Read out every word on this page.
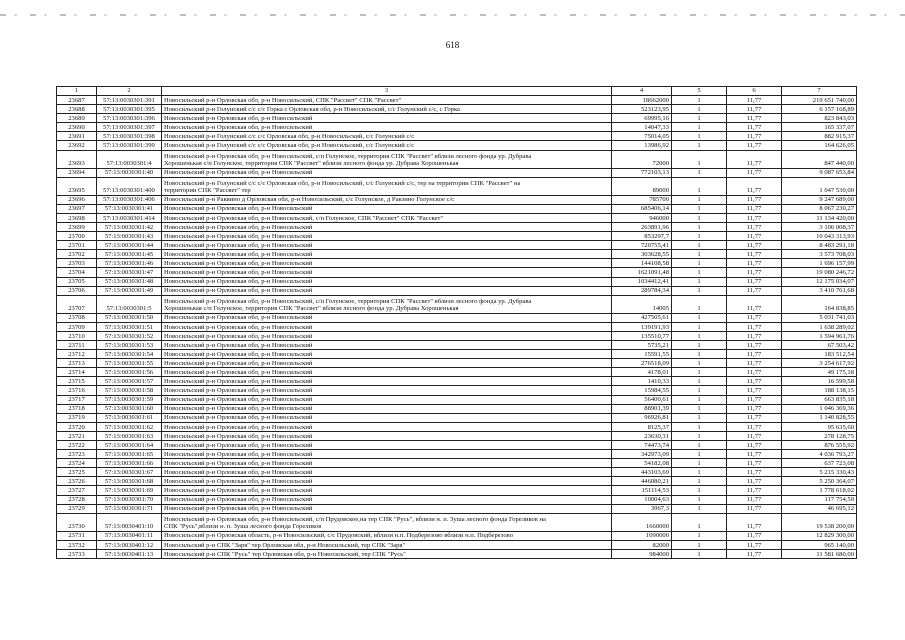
618
1	2	3	4	5	6	7
23687	57:13:0030301:391	Новосильский р-н Орловская обл, р-н Новосильский, СПК "Рассвет" СПК "Рассвет"	18662000	1	11,77	219 651 740,00
23688	57:13:0030301:395	Новосильский р-н Голунский с/с с/с Горка с Орловская обл, р-н Новосильский, с/с Голунский с/с, с Горка	523123,95	1	11,77	6 157 168,89
23689	57:13:0030301:396	Новосильский р-н Орловская обл, р-н Новосильский	69995,16	1	11,77	823 843,03
23690	57:13:0030301:397	Новосильский р-н Орловская обл, р-н Новосильский	14047,33	1	11,77	165 337,07
23691	57:13:0030301:398	Новосильский р-н Голунский с/с с/с Орловская обл, р-н Новосильский, с/с Голунский с/с	75014,05	1	11,77	882 915,37
23692	57:13:0030301:399	Новосильский р-н Голунский с/с с/с Орловская обл, р-н Новосильский, с/с Голунский с/с	13986,92	1	11,77	164 626,05
23693	57:13:0030301:4	Новосильский р-н Орловская обл, р-н Новосильский, с/п Голунское, территория СПК "Рассвет" вблизи лесного фонда ур. Дубрава
Хорошенькая с/п Голунское, территория СПК "Рассвет" вблизи лесного фонда ур. Дубрава Хорошенькая	72000	1	11,77	847 440,00
23694	57:13:0030301:40	Новосильский р-н Орловская обл, р-н Новосильский	772103,13	1	11,77	9 087 653,84
23695	57:13:0030301:400	Новосильский р-н Голунский с/с с/с Орловская обл, р-н Новосильский, с/с Голунский с/с, тер на территории СПК "Рассвет" на
территории СПК "Рассвет" тер	89000	1	11,77	1 047 530,00
23696	57:13:0030301:406	Новосильский р-н Раквино д Орловская обл, р-н Новосильский, с/с Голунское, д Ракзино Голунское с/с	785700	1	11,77	9 247 689,00
23697	57:13:0030301:41	Новосильский р-н Орловская обл, р-н Новосильский	685406,14	1	11,77	8 067 230,27
23698	57:13:0030301:414	Новосильский р-н Орловская обл, р-н Новосильский, с/п Голунское, СПК "Рассвет" СПК "Рассвет"	946000	1	11,77	11 134 420,00
23699	57:13:0030301:42	Новосильский р-н Орловская обл, р-н Новосильский	263891,96	1	11,77	3 106 008,37
23700	57:13:0030301:43	Новосильский р-н Орловская обл, р-н Новосильский	853297,7	1	11,77	10 043 313,93
23701	57:13:0030301:44	Новосильский р-н Орловская обл, р-н Новосильский	720755,41	1	11,77	8 483 291,18
23702	57:13:0030301:45	Новосильский р-н Орловская обл, р-н Новосильский	303628,55	1	11,77	3 573 708,03
23703	57:13:0030301:46	Новосильский р-н Орловская обл, р-н Новосильский	144108,58	1	11,77	1 696 157,99
23704	57:13:0030301:47	Новосильский р-н Орловская обл, р-н Новосильский	1621091,48	1	11,77	19 080 246,72
23705	57:13:0030301:48	Новосильский р-н Орловская обл, р-н Новосильский	1034412,41	1	11,77	12 175 034,07
23706	57:13:0030301:49	Новосильский р-н Орловская обл, р-н Новосильский	289784,34	1	11,77	3 410 761,68
23707	57:13:0030301:5	Новосильский р-н Орловская обл, р-н Новосильский, с/п Голунское, территория СПК "Рассвет" вблизи лесного фонда ур. Дубрава
Хорошенькая с/п Голунское, территория СПК "Рассвет" вблизи лесного фонда ур. Дубрава Хорошенькая	14005	1	11,77	164 838,85
23708	57:13:0030301:50	Новосильский р-н Орловская обл, р-н Новосильский	427505,61	1	11,77	5 031 741,03
23709	57:13:0030301:51	Новосильский р-н Орловская обл, р-н Новосильский	139191,93	1	11,77	1 638 289,02
23710	57:13:0030301:52	Новосильский р-н Орловская обл, р-н Новосильский	135510,77	1	11,77	1 594 961,76
23711	57:13:0030301:53	Новосильский р-н Орловская обл, р-н Новосильский	5735,21	1	11,77	67 503,42
23712	57:13:0030301:54	Новосильский р-н Орловская обл, р-н Новосильский	15591,55	1	11,77	183 512,54
23713	57:13:0030301:55	Новосильский р-н Орловская обл, р-н Новосильский	276518,09	1	11,77	3 254 617,92
23714	57:13:0030301:56	Новосильский р-н Орловская обл, р-н Новосильский	4178,01	1	11,77	49 175,18
23715	57:13:0030301:57	Новосильский р-н Орловская обл, р-н Новосильский	1410,33	1	11,77	16 599,58
23716	57:13:0030301:58	Новосильский р-н Орловская обл, р-н Новосильский	15984,55	1	11,77	188 138,15
23717	57:13:0030301:59	Новосильский р-н Орловская обл, р-н Новосильский	56400,61	1	11,77	663 835,18
23718	57:13:0030301:60	Новосильский р-н Орловская обл, р-н Новосильский	88901,39	1	11,77	1 046 369,36
23719	57:13:0030301:61	Новосильский р-н Орловская обл, р-н Новосильский	96926,81	1	11,77	1 140 828,55
23720	57:13:0030301:62	Новосильский р-н Орловская обл, р-н Новосильский	8125,37	1	11,77	95 635,60
23721	57:13:0030301:63	Новосильский р-н Орловская обл, р-н Новосильский	23630,31	1	11,77	278 128,75
23722	57:13:0030301:64	Новосильский р-н Орловская обл, р-н Новосильский	74473,74	1	11,77	876 555,92
23723	57:13:0030301:65	Новосильский р-н Орловская обл, р-н Новосильский	342973,09	1	11,77	4 036 793,27
23724	57:13:0030301:66	Новосильский р-н Орловская обл, р-н Новосильский	54182,08	1	11,77	637 723,08
23725	57:13:0030301:67	Новосильский р-н Орловская обл, р-н Новосильский	443103,69	1	11,77	5 215 330,43
23726	57:13:0030301:68	Новосильский р-н Орловская обл, р-н Новосильский	446080,21	1	11,77	5 250 364,07
23727	57:13:0030301:69	Новосильский р-н Орловская обл, р-н Новосильский	151114,53	1	11,77	1 778 618,02
23728	57:13:0030301:70	Новосильский р-н Орловская обл, р-н Новосильский	10004,63	1	11,77	117 754,50
23729	57:13:0030301:71	Новосильский р-н Орловская обл, р-н Новосильский	3967,3	1	11,77	46 695,12
23730	57:13:0030401:10	Новосильский р-н Орловская обл, р-н Новосильский, с/п Прудовское,на тер СПК "Русь", вблизи н. п. Зуша лесного фонда Гореликов на
СПК "Русь",вблизи н. п. Зуша лесного фонда Гореликов	1660000	1	11,77	19 538 200,00
23731	57:13:0030401:11	Новосильский р-н Орловская область, р-н Новосильский, с/с Прудовский, вблизи н.п. Подберезово вблизи н.п. Подберезово	1090000	1	11,77	12 829 300,00
23732	57:13:0030401:12	Новосильский р-н СПК "Заря" тер Орловская обл, р-н Новосильский, тер СПК "Заря"	82000	1	11,77	965 140,00
23733	57:13:0030401:13	Новосильский р-н СПК "Русь" тер Орловская обл, р-н Новосильский, тер СПК "Русь"	984000	1	11,77	11 581 680,00
